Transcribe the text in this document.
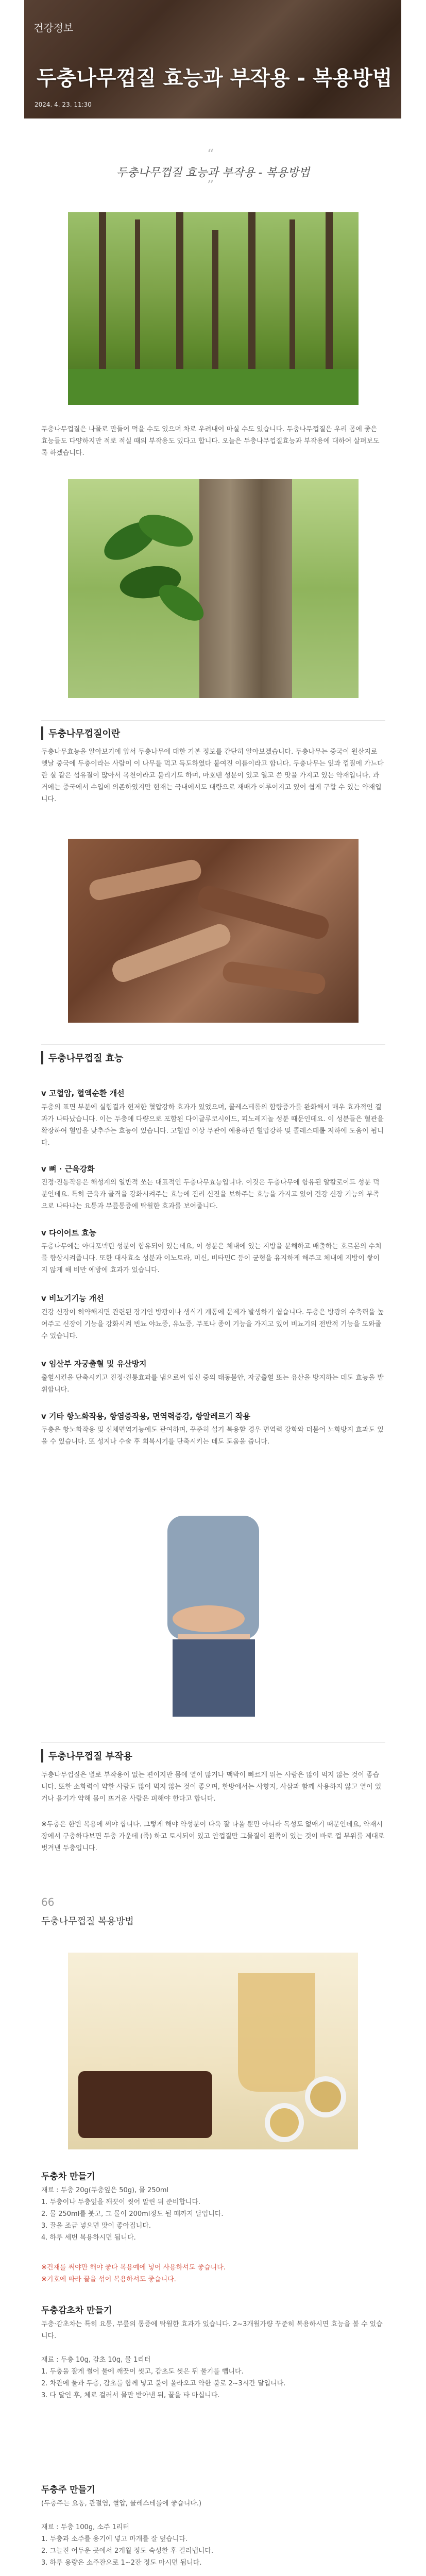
건강정보
두충나무껍질 효능과 부작용 - 복용방법
2024. 4. 23. 11:30
“
두충나무껍질 효능과 부작용 - 복용방법
”
두충나무껍질은 나물로 만들어 먹을 수도 있으며 차로 우려내어 마실 수도 있습니다. 두충나무껍질은 우리 몸에 좋은 효능들도 다양하지만 적로 적실 때의 부작용도 있다고 합니다. 오늘은 두충나무껍질효능과 부작용에 대하여 살펴보도록 하겠습니다.
두충나무껍질이란
두충나무효능을 알아보기에 앞서 두충나무에 대한 기본 정보를 간단히 알아보겠습니다. 두충나무는 중국이 원산지로 옛날 중국에 두충이라는 사람이 이 나무를 먹고 득도하였다 붙여진 이름이라고 합니다. 두충나무는 잎과 껍질에 가느다란 실 같은 섬유질이 많아서 목천이라고 불리기도 하며, 마호텐 성분이 있고 열고 쓴 맛을 가지고 있는 약재입니다. 과거에는 중국에서 수입에 의존하였지만 현재는 국내에서도 대량으로 재배가 이루어지고 있어 쉽게 구할 수 있는 약재입니다.
두충나무껍질 효능
v 고혈압, 혈액순환 개선
두충의 표면 부분에 실험결과 현저한 혈압강하 효과가 있었으며, 콜레스테롤의 함량증가를 완화해서 매우 효과적인 결과가 나타났습니다. 이는 두충에 다량으로 포함된 다이글루코시이드, 피노레지놀 성분 때문인데요. 이 성분들은 혈관을 확장하여 혈압을 낮추주는 효능이 있습니다. 고혈압 이상 무관이 예용하면 혈압강하 및 콜레스테롤 저하에 도움이 됩니다.
v 뼈 · 근육강화
진정·진통작용은 해성계의 일반적 쏘는 대표적인 두충나무효능입니다. 이것은 두충나무에 함유된 알칼로이드 성분 덕분인데요. 특히 근육과 골격을 강화시켜주는 효능에 진리 신진을 보하주는 효능을 가지고 있어 건강 신장 기능의 부족으로 나타나는 요통과 무릎통증에 탁월한 효과를 보여줍니다.
v 다이어트 효능
두충나무에는 아디포넥틴 성분이 함유되어 있는데요, 이 성분은 체내에 있는 지방을 분해하고 배출하는 호르몬의 수치를 향상시켜줍니다. 또한 대사효소 성분과 이노토라, 미신, 비타민C 등이 균형을 유지하게 해주고 체내에 지방이 쌓이지 않게 해 비만 예방에 효과가 있습니다.
v 비뇨기기능 개선
건강 신장이 허약해지면 관련된 장기인 방광이나 생식기 계통에 문제가 발생하기 쉽습니다. 두충은 방광의 수축력을 높여주고 신장이 기능을 강화시켜 빈뇨 야뇨증, 유뇨증, 무포나 종이 기능을 가지고 있어 비뇨기의 전반적 기능을 도와줄 수 있습니다.
v 임산부 자궁출혈 및 유산방지
출혈시킨을 단축시키고 진정·진통효과를 냄으로써 임신 중의 태동불안, 자궁출혈 또는 유산을 방지하는 데도 효능을 발휘합니다.
v 기타 항노화작용, 항염증작용, 면역력증강, 항알레르기 작용
두충은 항노화작용 및 신체면역기능에도 관여하며, 꾸준히 섭기 복용할 경우 면역력 강화와 더불어 노화방지 효과도 있을 수 있습니다. 또 성지나 수술 후 회복시기를 단축시키는 데도 도움을 줍니다.
두충나무껍질 부작용
두충나무껍질은 별로 부작용이 없는 편이지만 몸에 열이 많거나 맥박이 빠르게 뛰는 사람은 많이 먹지 않는 것이 좋습니다. 또한 소화력이 약한 사람도 많이 먹지 않는 것이 좋으며, 한방에서는 사향지, 사삼과 함께 사용하지 않고 열이 있거나 음기가 약해 몸이 뜨거운 사람은 피해야 한다고 합니다.
※두충은 한번 복용에 써야 합니다. 그렇게 해야 약성분이 다욱 잘 나올 뿐만 아니라 독성도 없애기 때문인데요, 약재시장에서 구충하다보면 두충 가운데 (죽) 하고 토시되어 있고 안껍질만 그물질이 왼쪽이 있는 것이 바로 껍 부위를 제대로 벗겨낸 두충입니다.
66
두충나무껍질 복용방법
두충차 만들기
재료 : 두충 20g(두충잎은 50g), 물 250ml
1. 두충이나 두충잎을 깨끗이 씻어 말린 뒤 준비합니다.
2. 물 250ml를 붓고, 그 물이 200ml정도 될 때까지 달입니다.
3. 꿀을 조금 넣으면 맛이 좋아집니다.
4. 하루 세번 복용하시면 됩니다.
※건재를 써야만 해야 좋다 복용예에 넣어 사용하셔도 좋습니다.
※기호에 따라 꿀을 섞어 복용하셔도 좋습니다.
두충감초차 만들기
두충·감초차는 특히 요통, 무릎의 통증에 탁월한 효과가 있습니다. 2~3개월가량 꾸준히 복용하시면 효능을 볼 수 있습니다.

재료 : 두충 10g, 감초 10g, 물 1리터
1. 두충을 잘게 썰어 물에 깨끗이 씻고, 감초도 씻은 뒤 물기를 뺍니다.
2. 차관에 물과 두충, 감초를 함께 넣고 불이 올라오고 약한 불로 2~3시간 달입니다.
3. 다 달인 후, 체로 걸러서 물만 받아낸 뒤, 꿀을 타 마십니다.
두충주 만들기
(두충주는 요통, 관절염, 혈압, 콜레스테롤에 좋습니다.)

재료 : 두충 100g, 소주 1리터
1. 두충과 소주를 용기에 넣고 마개를 잘 덮습니다.
2. 그늘진 어두운 곳에서 2개월 정도 숙성한 후 걸러냅니다.
3. 하루 용량은 소주잔으로 1~2잔 정도 마시면 됩니다.
